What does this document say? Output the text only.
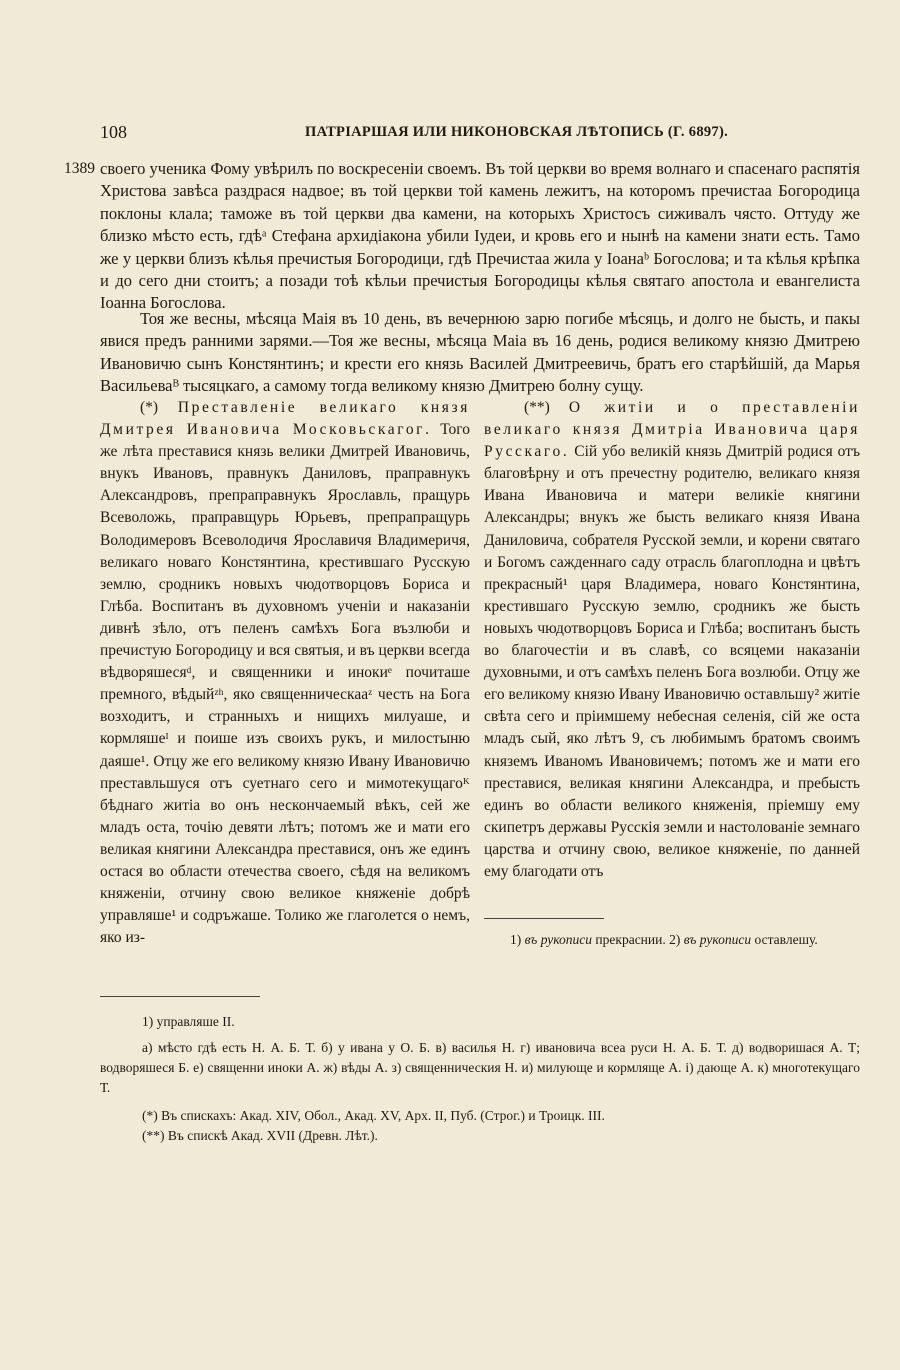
108	ПАТРІАРШАЯ ИЛИ НИКОНОВСКАЯ ЛѢТОПИСЬ (Г. 6897).
1389 своего ученика Фому увѣрилъ по воскресеніи своемъ. Въ той церкви во время волнаго и спасенаго распятія Христова завѣса раздрася надвое; въ той церкви той камень лежитъ, на которомъ пречистаа Богородица поклоны клала; таможе въ той церкви два камени, на которыхъ Христосъ сиживалъ чясто. Оттуду же близко мѣсто есть, гдѣᵃ Стефана архидіакона убили Іудеи, и кровь его и нынѣ на камени знати есть. Тамо же у церкви близъ кѣлья пречистыя Богородици, гдѣ Пречистаа жила у Іоанаᵇ Богослова; и та кѣлья крѣпка и до сего дни стоитъ; а позади тоѣ кѣльи пречистыя Богородицы кѣлья святаго апостола и евангелиста Іоанна Богослова.

Тоя же весны, мѣсяца Маія въ 10 день, въ вечернюю зарю погибе мѣсяць, и долго не бысть, и пакы явися предъ ранними зарями.—Тоя же весны, мѣсяца Маіа въ 16 день, родися великому князю Дмитрею Ивановичю сынъ Констянтинъ; и крести его князь Василей Дмитреевичь, братъ его старѣйшій, да Марья Васильеваᴮ тысяцкаго, а самому тогда великому князю Дмитрею болну сущу.

(*) Преставленіе великаго князя Дмитрея Ивановича Московьскагоᴦ. Того же лѣта преставися князь велики Дмитрей Ивановичь, внукъ Ивановъ, правнукъ Даниловъ, праправнукъ Александровъ, препраправнукъ Ярославль, пращурь Всеволожь, праправщурь Юрьевъ, препрапращурь Володимеровъ Всеволодичя Ярославичя Владимеричя, великаго новаго Констянтина, крестившаго Русскую землю, сродникъ новыхъ чюдотворцовъ Бориса и Глѣба. Воспитанъ въ духовномъ ученіи и наказаніи дивнѣ зѣло, отъ пеленъ самѣхъ Бога възлюби и пречистую Богородицу и вся святыя, и въ церкви всегда вѣдворяшесяᵈ, и священники и инокиᵉ почиташе премного, вѣдыйᶻʰ, яко священническааᶻ честь на Бога возходитъ, и странныхъ и нищихъ милуаше, и кормляшеᴵ и поише изъ своихъ рукъ, и милостыню даяше¹. Отцу же его великому князю Ивану Ивановичю преставльшуся отъ суетнаго сего и мимотекущагоᴷ бѣднаго житіа во онъ нескончаемый вѣкъ, сей же младъ оста, точію девяти лѣтъ; потомъ же и мати его великая княгини Александра преставися, онъ же единъ остася во области отечества своего, сѣдя на великомъ княженіи, отчину свою великое княженіе добрѣ управляше¹ и содръжаше. Толико же глаголется о немъ, яко из-

(**) О житіи и о преставленіи великаго князя Дмитріа Ивановича царя Русскаго. Сій убо великій князь Дмитрій родися отъ благовѣрну и отъ пречестну родителю, великаго князя Ивана Ивановича и матери великіе княгини Александры; внукъ же бысть великаго князя Ивана Даниловича, собрателя Русской земли, и корени святаго и Богомъ сажденнаго саду отрасль благоплодна и цвѣтъ прекрасный¹ царя Владимера, новаго Констянтина, крестившаго Русскую землю, сродникъ же бысть новыхъ чюдотворцовъ Бориса и Глѣба; воспитанъ бысть во благочестіи и въ славѣ, со всяцеми наказаніи духовными, и отъ самѣхъ пеленъ Бога возлюби. Отцу же его великому князю Ивану Ивановичю оставльшу² житіе свѣта сего и пріимшему небесная селенія, сій же оста младъ сый, яко лѣтъ 9, съ любимымъ братомъ своимъ княземъ Иваномъ Ивановичемъ; потомъ же и мати его преставися, великая княгини Александра, и пребысть единъ во области великого княженія, пріемшу ему скипетръ державы Русскія земли и настолованіе земнаго царства и отчину свою, великое княженіе, по данней ему благодати отъ

1) въ рукописи прекраснии. 2) въ рукописи оставлешу.

1) управляше II.

а) мѣсто гдѣ есть Н. А. Б. Т. б) у ивана у О. Б. в) василья Н. г) ивановича всеа руси Н. А. Б. Т. д) водворишася А. Т; водворяшеся Б. е) священни иноки А. ж) вѣды А. з) священническия Н. и) милующе и кормляще А. і) дающе А. к) многотекущаго Т.

(*) Въ спискахъ: Акад. XIV, Обол., Акад. XV, Арх. II, Пуб. (Строг.) и Троицк. III.

(**) Въ спискѣ Акад. XVII (Древн. Лѣт.).
